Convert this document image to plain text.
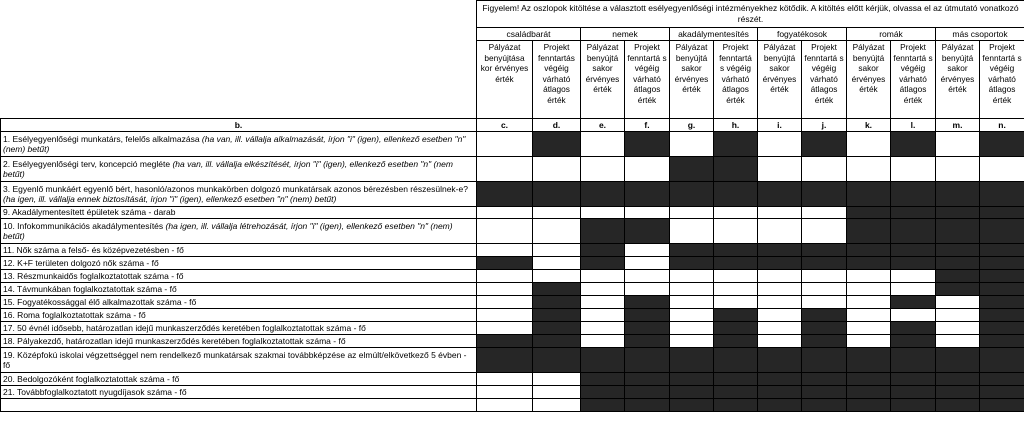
	Figyelem! Az oszlopok kitöltése a választott esélyegyenlőségi intézményekhez kötődik. A kitöltés előtt kérjük, olvassa el az útmutató vonatkozó részét.											
	családbarát		nemek		akadálymentesítés		fogyatékosok		romák		más csoportok	
	Pályázat benyújtása kor érvényes érték	Projekt fenntartás végéig várható átlagos érték	Pályázat benyújtá sakor érvényes érték	Projekt fenntartá s végéig várható átlagos érték	Pályázat benyújtá sakor érvényes érték	Projekt fenntartá s végéig várható átlagos érték	Pályázat benyújtá sakor érvényes érték	Projekt fenntartá s végéig várható átlagos érték	Pályázat benyújtá sakor érvényes érték	Projekt fenntartá s végéig várható átlagos érték	Pályázat benyújtá sakor érvényes érték	Projekt fenntartá s végéig várható átlagos érték
b.	c.	d.	e.	f.	g.	h.	i.	j.	k.	l.	m.	n.
1. Esélyegyenlőségi munkatárs, felelős alkalmazása (ha van, ill. vállalja alkalmazását, írjon "i" (igen), ellenkező esetben "n" (nem) betűt)												
2. Esélyegyenlőségi terv, koncepció megléte (ha van, ill. vállalja elkészítését, írjon "i" (igen), ellenkező esetben "n" (nem betűt)												
3. Egyenlő munkáért egyenlő bért, hasonló/azonos munkakörben dolgozó munkatársak azonos bérezésben részesülnek-e? (ha igen, ill. vállalja ennek biztosítását, írjon "i" (igen), ellenkező esetben "n" (nem) betűt)												
9. Akadálymentesített épületek száma - darab												
10. Infokommunikációs akadálymentesítés (ha igen, ill. vállalja létrehozását, írjon "i" (igen), ellenkező esetben "n" (nem) betűt)												
11. Nők száma a felső- és középvezetésben - fő												
12. K+F területen dolgozó nők száma - fő												
13. Részmunkaidős foglalkoztatottak száma - fő												
14. Távmunkában foglalkoztatottak száma - fő												
15. Fogyatékossággal élő alkalmazottak száma - fő												
16. Roma foglalkoztatottak száma - fő												
17. 50 évnél idősebb, határozatlan idejű munkaszerződés keretében foglalkoztatottak száma - fő												
18. Pályakezdő, határozatlan idejű munkaszerződés keretében foglalkoztatottak száma - fő												
19. Középfokú iskolai végzettséggel nem rendelkező munkatársak szakmai továbbképzése az elmúlt/elkövetkező 5 évben - fő												
20. Bedolgozóként foglalkoztatottak száma - fő												
21. Továbbfoglalkoztatott nyugdíjasok száma - fő												
